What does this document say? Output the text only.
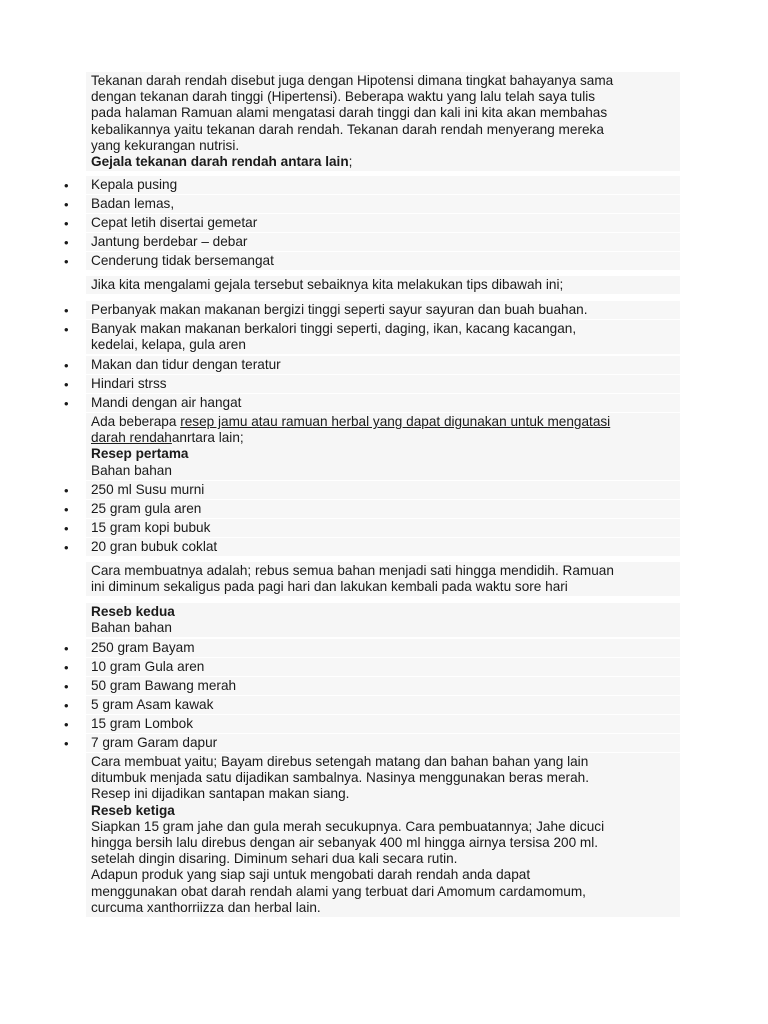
Tekanan darah rendah disebut juga dengan Hipotensi dimana tingkat bahayanya sama
dengan tekanan darah tinggi (Hipertensi). Beberapa waktu yang lalu telah saya tulis
pada halaman Ramuan alami mengatasi darah tinggi dan kali ini kita akan membahas
kebalikannya yaitu tekanan darah rendah. Tekanan darah rendah menyerang mereka
yang kekurangan nutrisi.
Gejala tekanan darah rendah antara lain;
•	Kepala pusing
•	Badan lemas,
•	Cepat letih disertai gemetar
•	Jantung berdebar – debar
•	Cenderung tidak bersemangat
Jika kita mengalami gejala tersebut sebaiknya kita melakukan tips dibawah ini;
• Perbanyak makan makanan bergizi tinggi seperti sayur sayuran dan buah buahan.
• Banyak makan makanan berkalori tinggi seperti, daging, ikan, kacang kacangan,
kedelai, kelapa, gula aren
• Makan dan tidur dengan teratur
• Hindari strss
• Mandi dengan air hangat
Ada beberapa resep jamu atau ramuan herbal yang dapat digunakan untuk mengatasi
darah rendahanrtara lain;
Resep pertama
Bahan bahan
•	250 ml Susu murni
•	25 gram gula aren
•	15 gram kopi bubuk
•	20 gran bubuk coklat
Cara membuatnya adalah; rebus semua bahan menjadi sati hingga mendidih. Ramuan
ini diminum sekaligus pada pagi hari dan lakukan kembali pada waktu sore hari
Reseb kedua
Bahan bahan
•	250 gram Bayam
•	10 gram Gula aren
•	50 gram Bawang merah
•	5 gram Asam kawak
•	15 gram Lombok
•	7 gram Garam dapur
Cara membuat yaitu; Bayam direbus setengah matang dan bahan bahan yang lain
ditumbuk menjada satu dijadikan sambalnya. Nasinya menggunakan beras merah.
Resep ini dijadikan santapan makan siang.
Reseb ketiga
Siapkan 15 gram jahe dan gula merah secukupnya. Cara pembuatannya; Jahe dicuci
hingga bersih lalu direbus dengan air sebanyak 400 ml hingga airnya tersisa 200 ml.
setelah dingin disaring. Diminum sehari dua kali secara rutin.
Adapun produk yang siap saji untuk mengobati darah rendah anda dapat
menggunakan obat darah rendah alami yang terbuat dari Amomum cardamomum,
curcuma xanthorriizza dan herbal lain.
